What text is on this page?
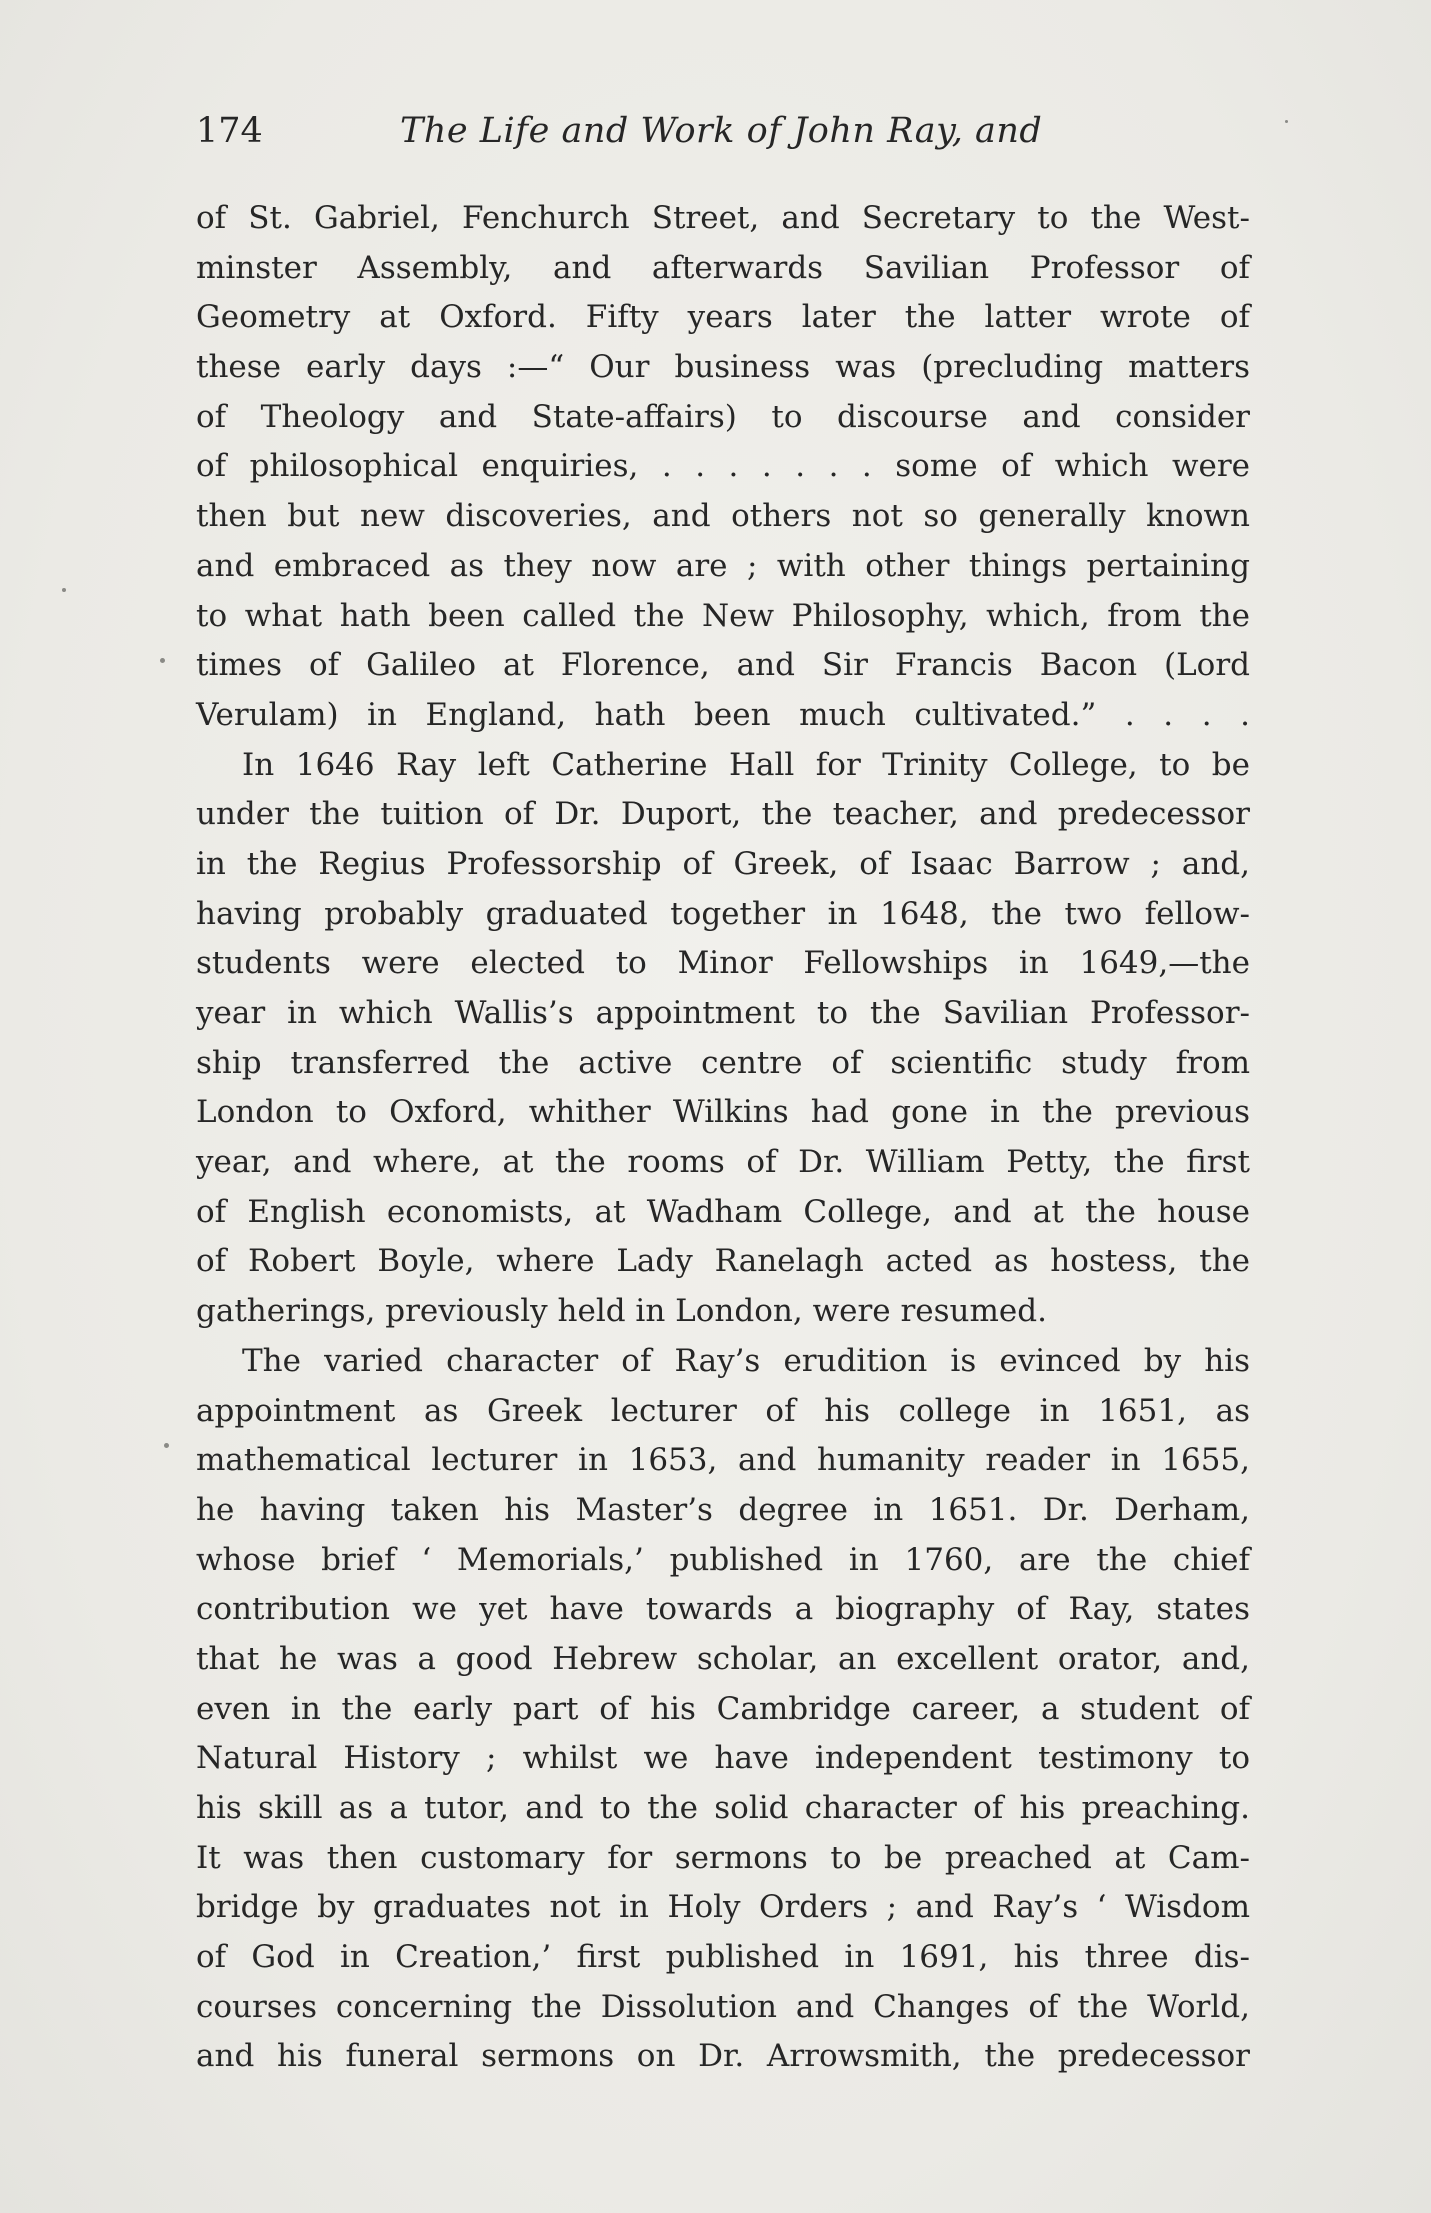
174	The Life and Work of John Ray, and
of St. Gabriel, Fenchurch Street, and Secretary to the West-
minster Assembly, and afterwards Savilian Professor of
Geometry at Oxford. Fifty years later the latter wrote of
these early days :—“ Our business was (precluding matters
of Theology and State-affairs) to discourse and consider
of philosophical enquiries, . . . . . . . some of which were
then but new discoveries, and others not so generally known
and embraced as they now are ; with other things pertaining
to what hath been called the New Philosophy, which, from the
times of Galileo at Florence, and Sir Francis Bacon (Lord
Verulam) in England, hath been much cultivated.” . . . .
In 1646 Ray left Catherine Hall for Trinity College, to be
under the tuition of Dr. Duport, the teacher, and predecessor
in the Regius Professorship of Greek, of Isaac Barrow ; and,
having probably graduated together in 1648, the two fellow-
students were elected to Minor Fellowships in 1649,—the
year in which Wallis’s appointment to the Savilian Professor-
ship transferred the active centre of scientific study from
London to Oxford, whither Wilkins had gone in the previous
year, and where, at the rooms of Dr. William Petty, the first
of English economists, at Wadham College, and at the house
of Robert Boyle, where Lady Ranelagh acted as hostess, the
gatherings, previously held in London, were resumed.
The varied character of Ray’s erudition is evinced by his
appointment as Greek lecturer of his college in 1651, as
mathematical lecturer in 1653, and humanity reader in 1655,
he having taken his Master’s degree in 1651. Dr. Derham,
whose brief ‘ Memorials,’ published in 1760, are the chief
contribution we yet have towards a biography of Ray, states
that he was a good Hebrew scholar, an excellent orator, and,
even in the early part of his Cambridge career, a student of
Natural History ; whilst we have independent testimony to
his skill as a tutor, and to the solid character of his preaching.
It was then customary for sermons to be preached at Cam-
bridge by graduates not in Holy Orders ; and Ray’s ‘ Wisdom
of God in Creation,’ first published in 1691, his three dis-
courses concerning the Dissolution and Changes of the World,
and his funeral sermons on Dr. Arrowsmith, the predecessor
